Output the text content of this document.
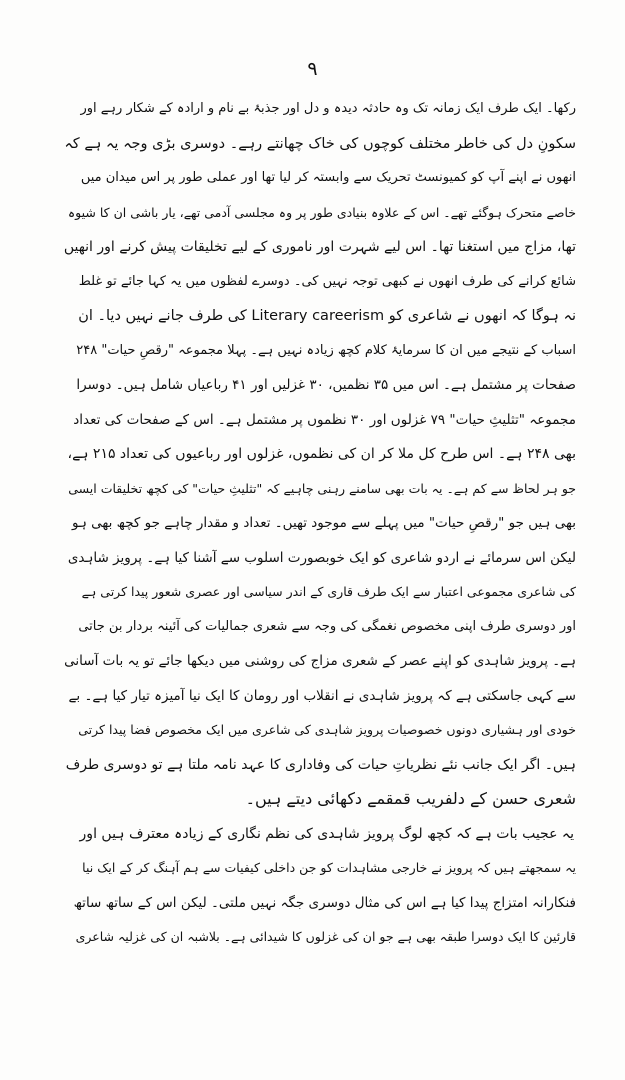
۹
رکھا۔ ایک طرف ایک زمانہ تک وہ حادثہ دیدہ و دل اور جذبۂ بے نام و ارادہ کے شکار رہے اور
سکونِ دل کی خاطر مختلف کوچوں کی خاک چھانتے رہے۔ دوسری بڑی وجہ یہ ہے کہ
انھوں نے اپنے آپ کو کمیونسٹ تحریک سے وابستہ کر لیا تھا اور عملی طور پر اس میدان میں
خاصے متحرک ہوگئے تھے۔ اس کے علاوہ بنیادی طور پر وہ مجلسی آدمی تھے، یار باشی ان کا شیوہ
تھا، مزاج میں استغنا تھا۔ اس لیے شہرت اور ناموری کے لیے تخلیقات پیش کرنے اور انھیں
شائع کرانے کی طرف انھوں نے کبھی توجہ نہیں کی۔ دوسرے لفظوں میں یہ کہا جائے تو غلط
نہ ہوگا کہ انھوں نے شاعری کو Literary careerism کی طرف جانے نہیں دیا۔ ان
اسباب کے نتیجے میں ان کا سرمایۂ کلام کچھ زیادہ نہیں ہے۔ پہلا مجموعہ "رقصِ حیات" ۲۴۸
صفحات پر مشتمل ہے۔ اس میں ۳۵ نظمیں، ۳۰ غزلیں اور ۴۱ رباعیاں شامل ہیں۔ دوسرا
مجموعہ "تثلیثِ حیات" ۷۹ غزلوں اور ۳۰ نظموں پر مشتمل ہے۔ اس کے صفحات کی تعداد
بھی ۲۴۸ ہے۔ اس طرح کل ملا کر ان کی نظموں، غزلوں اور رباعیوں کی تعداد ۲۱۵ ہے،
جو ہر لحاظ سے کم ہے۔ یہ بات بھی سامنے رہنی چاہیے کہ "تثلیثِ حیات" کی کچھ تخلیقات ایسی
بھی ہیں جو "رقصِ حیات" میں پہلے سے موجود تھیں۔ تعداد و مقدار چاہے جو کچھ بھی ہو
لیکن اس سرمائے نے اردو شاعری کو ایک خوبصورت اسلوب سے آشنا کیا ہے۔ پرویز شاہدی
کی شاعری مجموعی اعتبار سے ایک طرف قاری کے اندر سیاسی اور عصری شعور پیدا کرتی ہے
اور دوسری طرف اپنی مخصوص نغمگی کی وجہ سے شعری جمالیات کی آئینہ بردار بن جاتی
ہے۔ پرویز شاہدی کو اپنے عصر کے شعری مزاج کی روشنی میں دیکھا جائے تو یہ بات آسانی
سے کہی جاسکتی ہے کہ پرویز شاہدی نے انقلاب اور رومان کا ایک نیا آمیزہ تیار کیا ہے۔ بے
خودی اور ہشیاری دونوں خصوصیات پرویز شاہدی کی شاعری میں ایک مخصوص فضا پیدا کرتی
ہیں۔ اگر ایک جانب نئے نظریاتِ حیات کی وفاداری کا عہد نامہ ملتا ہے تو دوسری طرف
شعری حسن کے دلفریب قمقمے دکھائی دیتے ہیں۔
یہ عجیب بات ہے کہ کچھ لوگ پرویز شاہدی کی نظم نگاری کے زیادہ معترف ہیں اور
یہ سمجھتے ہیں کہ پرویز نے خارجی مشاہدات کو جن داخلی کیفیات سے ہم آہنگ کر کے ایک نیا
فنکارانہ امتزاج پیدا کیا ہے اس کی مثال دوسری جگہ نہیں ملتی۔ لیکن اس کے ساتھ ساتھ
قارئین کا ایک دوسرا طبقہ بھی ہے جو ان کی غزلوں کا شیدائی ہے۔ بلاشبہ ان کی غزلیہ شاعری
